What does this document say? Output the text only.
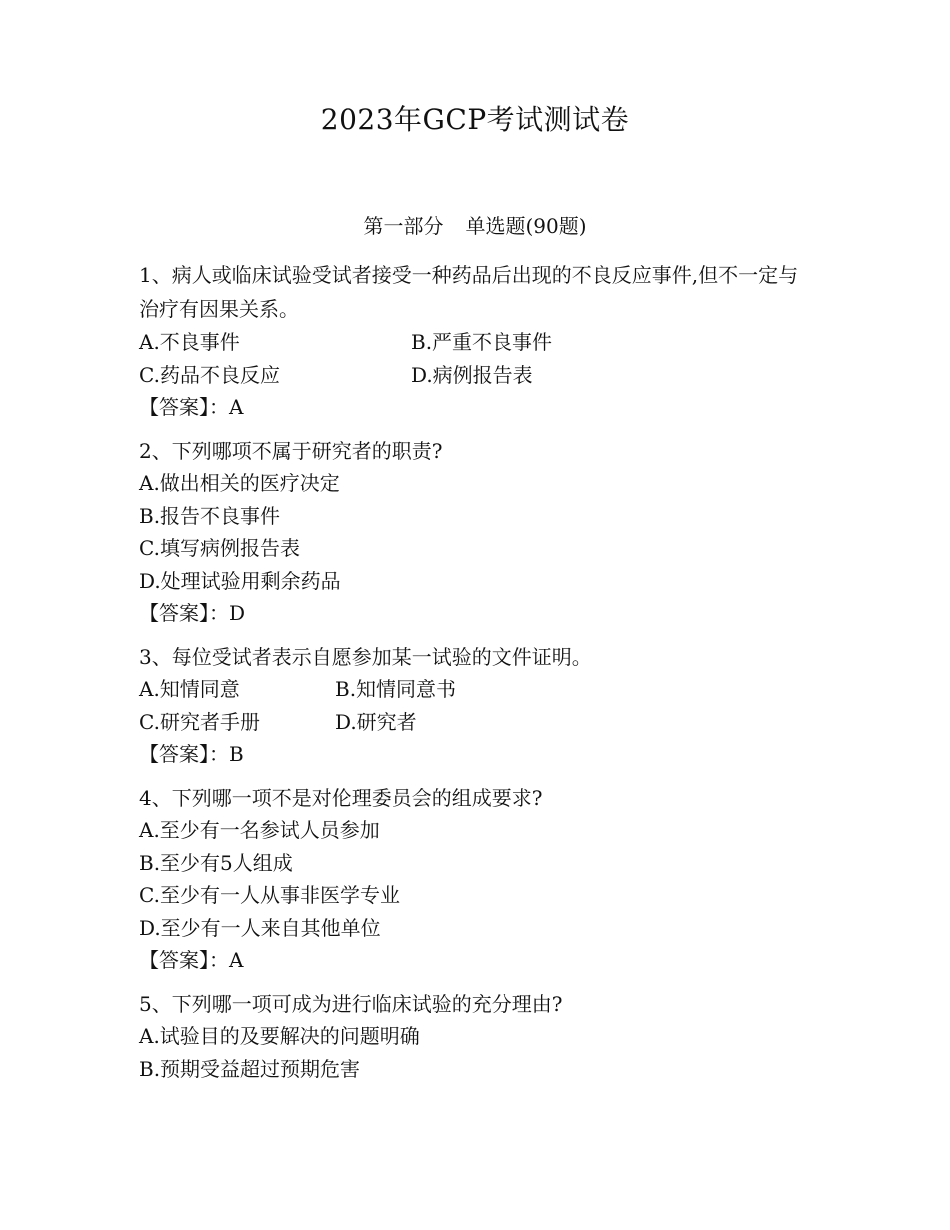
2023年GCP考试测试卷
第一部分 单选题(90题)
1、病人或临床试验受试者接受一种药品后出现的不良反应事件,但不一定与治疗有因果关系。
A.不良事件	B.严重不良事件
C.药品不良反应	D.病例报告表
【答案】：A
2、下列哪项不属于研究者的职责?
A.做出相关的医疗决定
B.报告不良事件
C.填写病例报告表
D.处理试验用剩余药品
【答案】：D
3、每位受试者表示自愿参加某一试验的文件证明。
A.知情同意	B.知情同意书
C.研究者手册	D.研究者
【答案】：B
4、下列哪一项不是对伦理委员会的组成要求?
A.至少有一名参试人员参加
B.至少有5人组成
C.至少有一人从事非医学专业
D.至少有一人来自其他单位
【答案】：A
5、下列哪一项可成为进行临床试验的充分理由?
A.试验目的及要解决的问题明确
B.预期受益超过预期危害
